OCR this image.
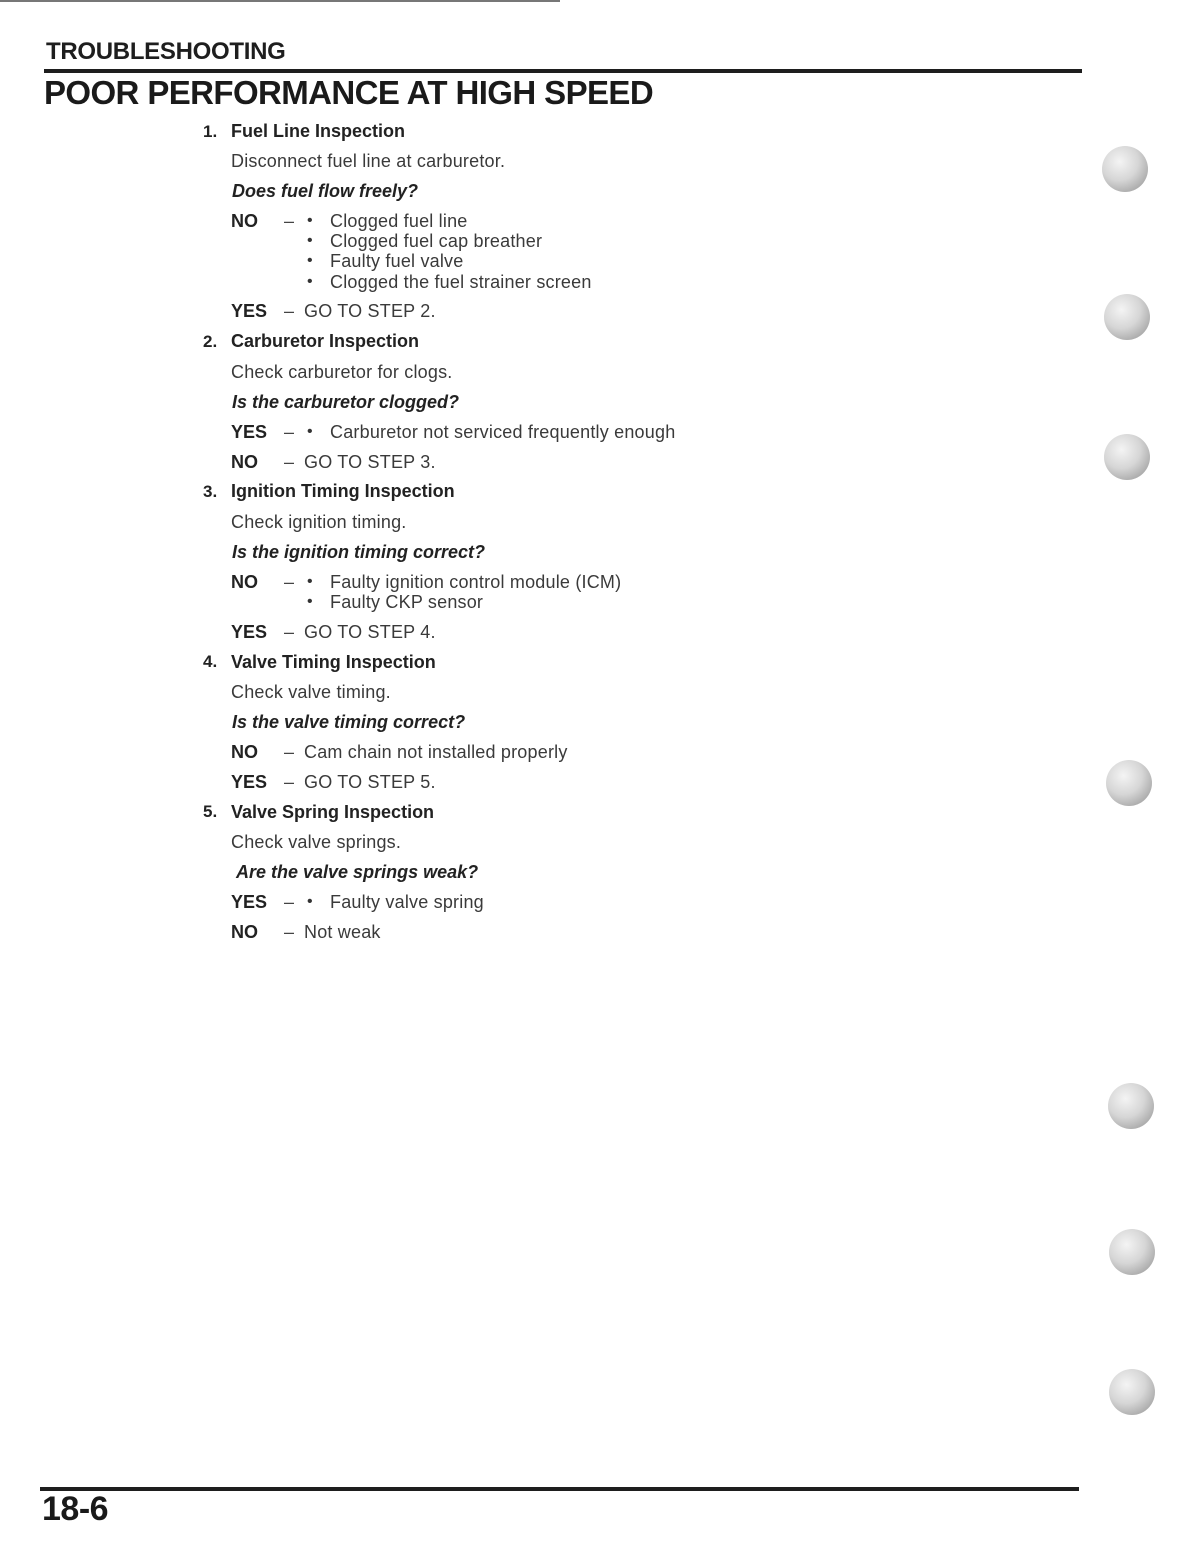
TROUBLESHOOTING
POOR PERFORMANCE AT HIGH SPEED
1. Fuel Line Inspection
Disconnect fuel line at carburetor.
Does fuel flow freely?
NO – • Clogged fuel line
• Clogged fuel cap breather
• Faulty fuel valve
• Clogged the fuel strainer screen
YES – GO TO STEP 2.
2. Carburetor Inspection
Check carburetor for clogs.
Is the carburetor clogged?
YES – • Carburetor not serviced frequently enough
NO – GO TO STEP 3.
3. Ignition Timing Inspection
Check ignition timing.
Is the ignition timing correct?
NO – • Faulty ignition control module (ICM)
• Faulty CKP sensor
YES – GO TO STEP 4.
4. Valve Timing Inspection
Check valve timing.
Is the valve timing correct?
NO – Cam chain not installed properly
YES – GO TO STEP 5.
5. Valve Spring Inspection
Check valve springs.
Are the valve springs weak?
YES – • Faulty valve spring
NO – Not weak
18-6
